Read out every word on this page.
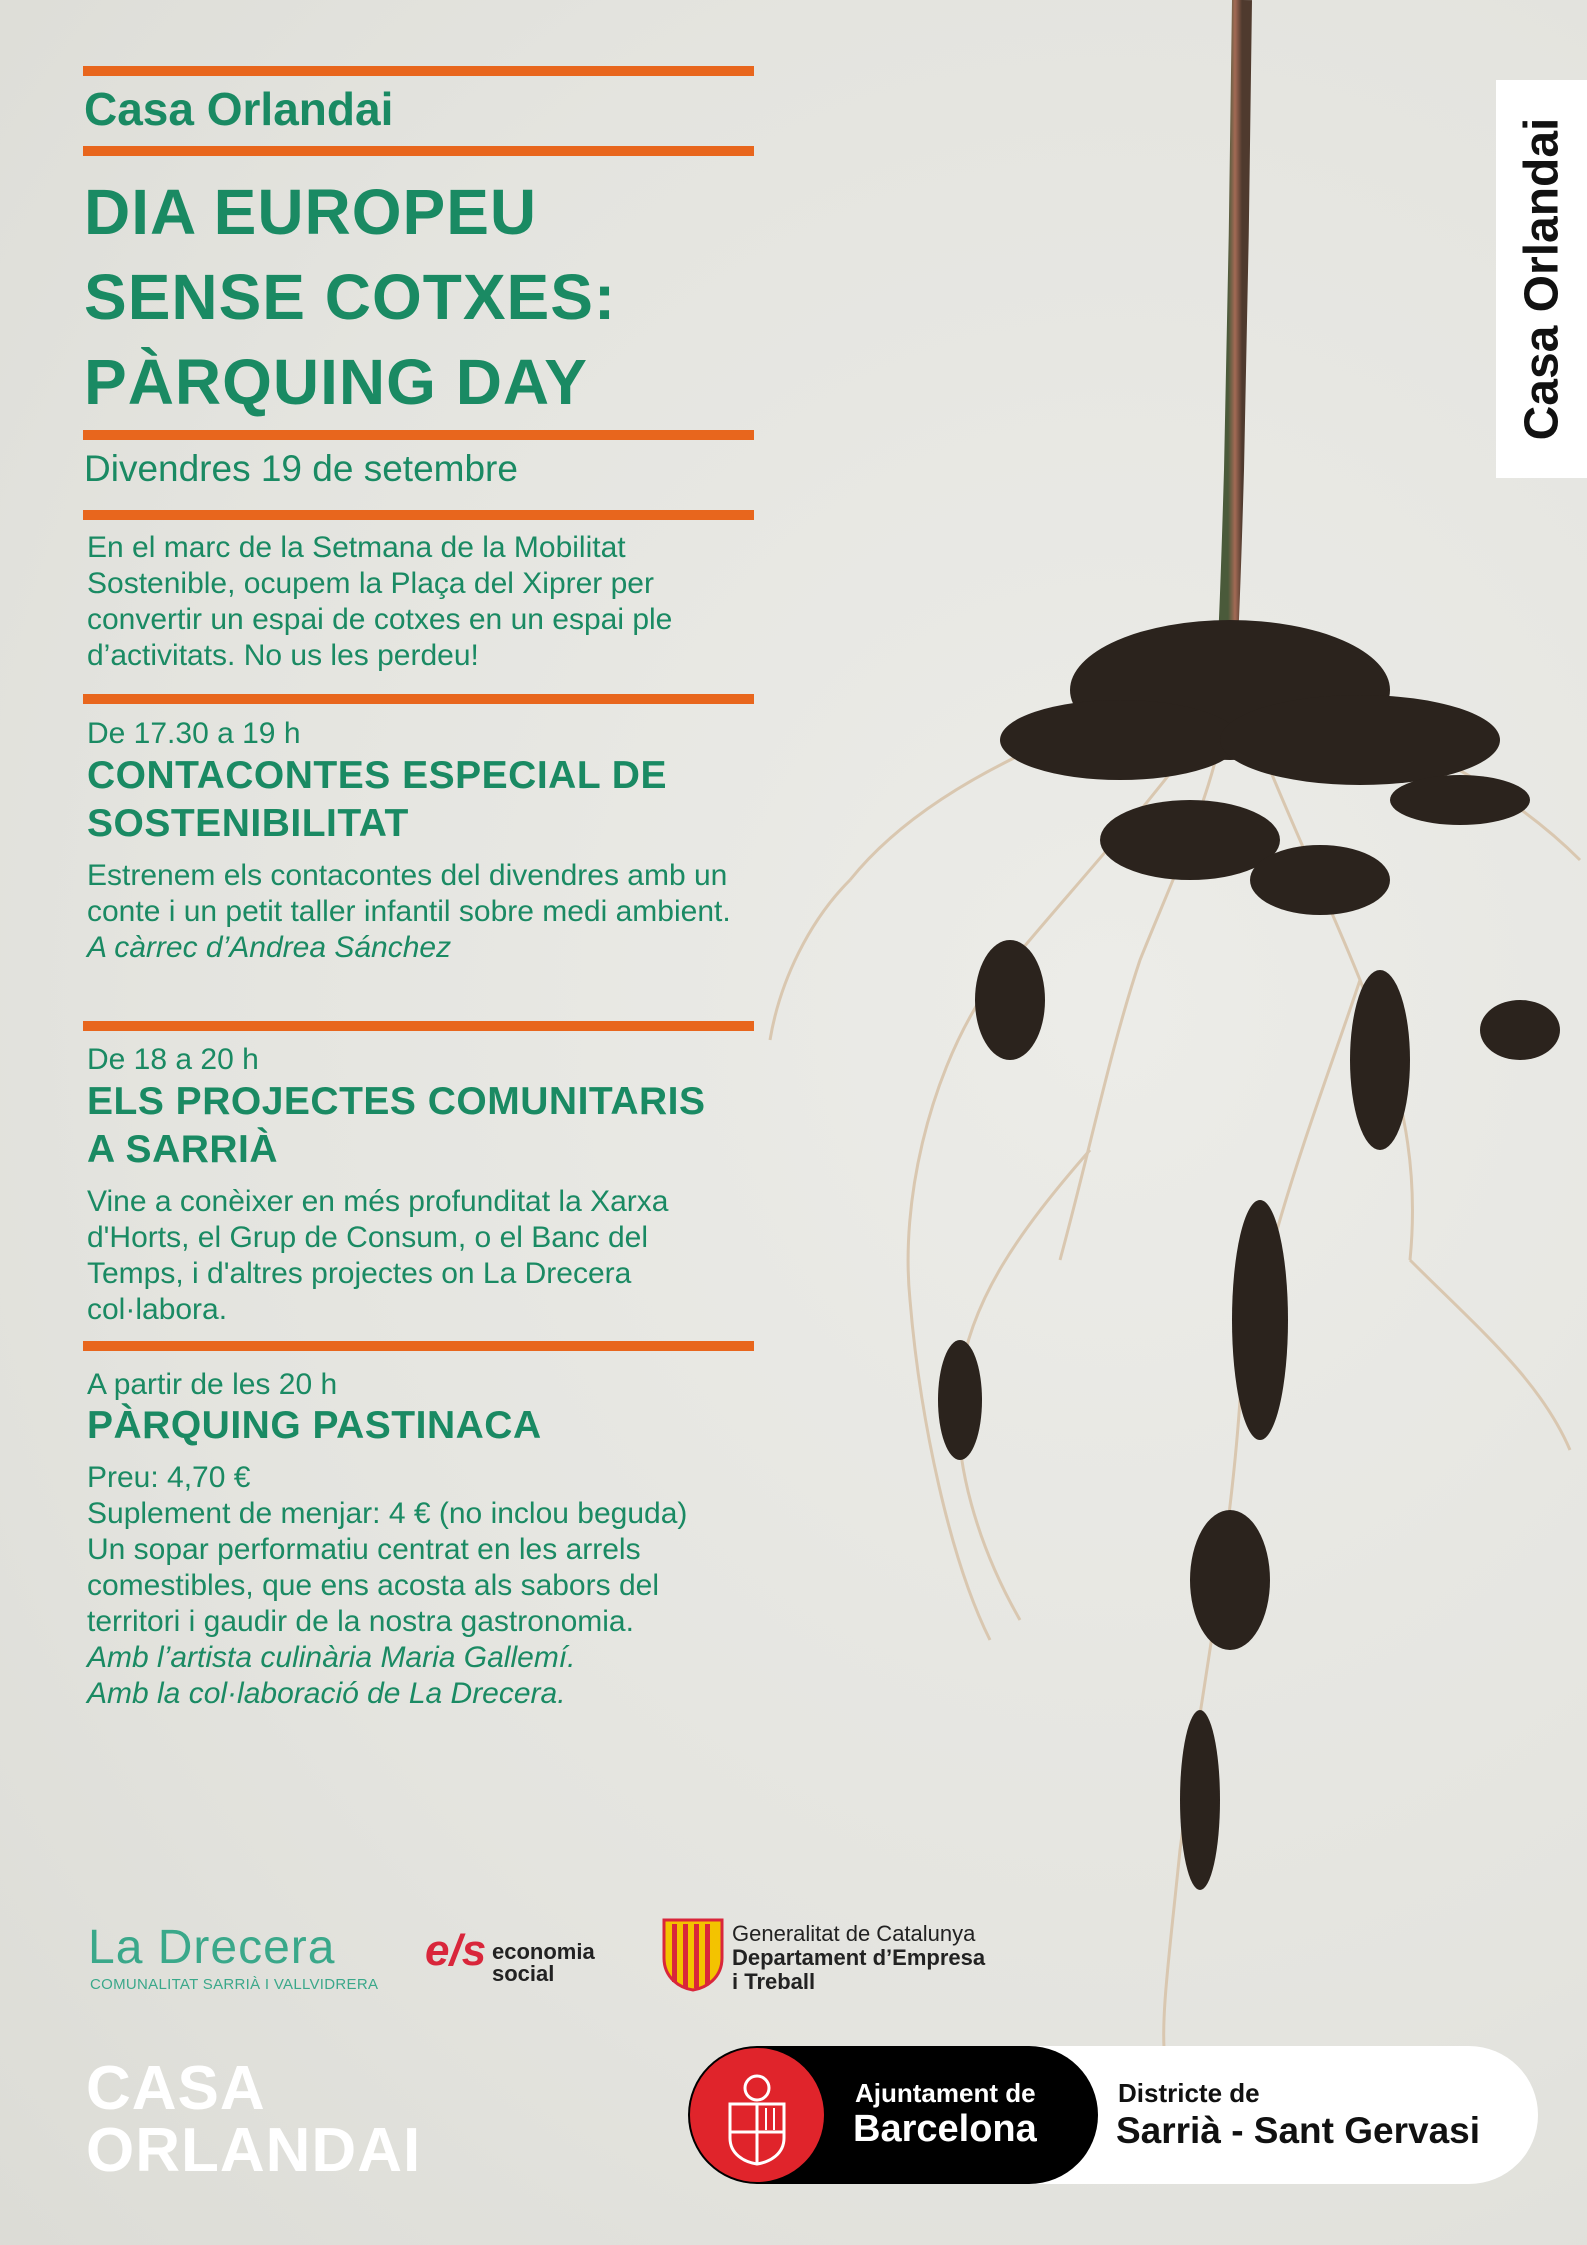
Casa Orlandai
DIA EUROPEU
SENSE COTXES:
PÀRQUING DAY
Divendres 19 de setembre
En el marc de la Setmana de la Mobilitat Sostenible, ocupem la Plaça del Xiprer per convertir un espai de cotxes en un espai ple d’activitats. No us les perdeu!
De 17.30 a 19 h
CONTACONTES ESPECIAL DE
SOSTENIBILITAT
Estrenem els contacontes del divendres amb un conte i un petit taller infantil sobre medi ambient.
A càrrec d’Andrea Sánchez
De 18 a 20 h
ELS PROJECTES COMUNITARIS
A SARRIÀ
Vine a conèixer en més profunditat la Xarxa d'Horts, el Grup de Consum, o el Banc del Temps, i d'altres projectes on La Drecera col·labora.
A partir de les 20 h
PÀRQUING PASTINACA
Preu: 4,70 €
Suplement de menjar: 4 € (no inclou beguda)
Un sopar performatiu centrat en les arrels comestibles, que ens acosta als sabors del territori i gaudir de la nostra gastronomia.
Amb l’artista culinària Maria Gallemí.
Amb la col·laboració de La Drecera.
Casa Orlandai
La Drecera
COMUNALITAT SARRIÀ I VALLVIDRERA
e/s economia
social
Generalitat de Catalunya
Departament d’Empresa
i Treball
CASA
ORLANDAI
Ajuntament de
Barcelona
Districte de
Sarrià - Sant Gervasi
